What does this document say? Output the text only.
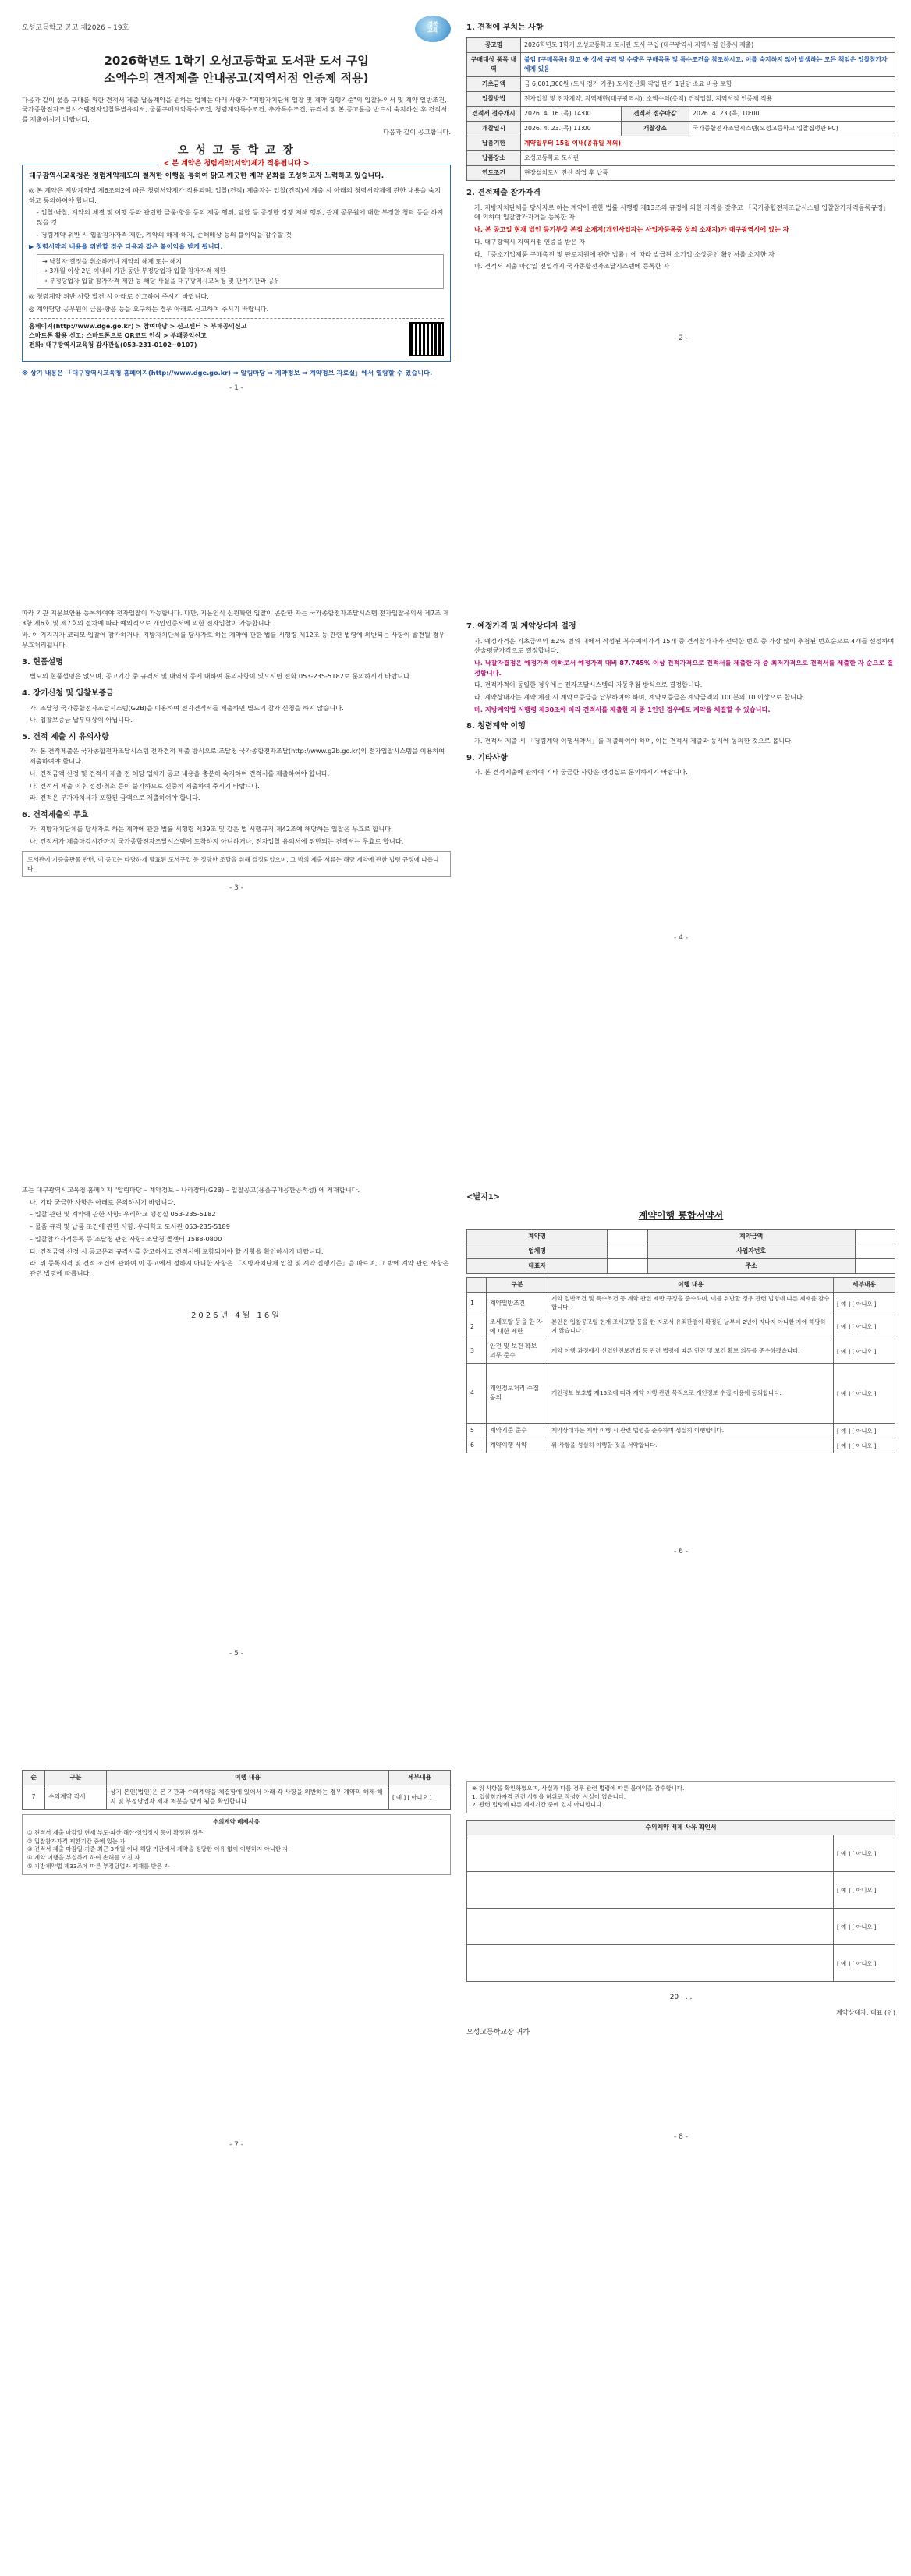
오성고등학교 공고 제2026 – 19호
경북
교육
2026학년도 1학기 오성고등학교 도서관 도서 구입
소액수의 견적제출 안내공고(지역서점 인증제 적용)

다음과 같이 물품 구매를 위한 견적서 제출·납품계약을 원하는 업체는 아래 사항과 "지방자치단체 입찰 및 계약 집행기준"의 입찰유의서 및 계약 일반조건, 국가종합전자조달시스템전자입찰특별유의서, 물품구매계약특수조건, 청렴계약특수조건, 추가특수조건, 규격서 및 본 공고문을 반드시 숙지하신 후 견적서를 제출하시기 바랍니다.

다음과 같이 공고합니다.
오 성 고 등 학 교 장
< 본 계약은 청렴계약(서약)제가 적용됩니다 >
대구광역시교육청은 청렴계약제도의 철저한 이행을 통하여 맑고 깨끗한 계약 문화를 조성하고자 노력하고 있습니다.

◎ 본 계약은 지방계약법 제6조의2에 따른 청렴서약제가 적용되며, 입찰(견적) 제출자는 입찰(견적)서 제출 시 아래의 청렴서약제에 관한 내용을 숙지하고 동의하여야 합니다.

- 입찰·낙찰, 계약의 체결 및 이행 등과 관련한 금품·향응 등의 제공 행위, 담합 등 공정한 경쟁 저해 행위, 관계 공무원에 대한 부정한 청탁 등을 하지 않을 것

- 청렴계약 위반 시 입찰참가자격 제한, 계약의 해제·해지, 손해배상 등의 불이익을 감수할 것

▶ 청렴서약의 내용을 위반할 경우 다음과 같은 불이익을 받게 됩니다.
→ 낙찰자 결정을 취소하거나 계약의 해제 또는 해지
→ 3개월 이상 2년 이내의 기간 동안 부정당업자 입찰 참가자격 제한
→ 부정당업자 입찰 참가자격 제한 등 해당 사실을 대구광역시교육청 및 관계기관과 공유

◎ 청렴계약 위반 사항 발견 시 아래로 신고하여 주시기 바랍니다.

◎ 계약담당 공무원이 금품·향응 등을 요구하는 경우 아래로 신고하여 주시기 바랍니다.

홈페이지(http://www.dge.go.kr) > 참여마당 > 신고센터 > 부패공익신고
스마트폰 활용 신고: 스마트폰으로 QR코드 인식 > 부패공익신고
전화: 대구광역시교육청 감사관실(053-231-0102~0107)

※ 상기 내용은 「대구광역시교육청 홈페이지(http://www.dge.go.kr) ⇒ 알림마당 ⇒ 계약정보 ⇒ 계약정보 자료실」에서 열람할 수 있습니다.

- 1 -

따라 기관 지문보안용 등록하여야 전자입찰이 가능합니다. 다만, 지문인식 신원확인 입찰이 곤란한 자는 국가종합전자조달시스템 전자입찰유의서 제7조 제3항 제6호 및 제7호의 절차에 따라 예외적으로 개인인증서에 의한 전자입찰이 가능합니다.

바. 이 지지지가 코리모 입찰에 참가하거나, 지방자치단체를 당사자로 하는 계약에 관한 법률 시행령 제12조 등 관련 법령에 위반되는 사항이 발견될 경우 무효처리됩니다.

3. 현품설명

별도의 현품설명은 없으며, 공고기간 중 규격서 및 내역서 등에 대하여 문의사항이 있으시면 전화 053-235-5182로 문의하시기 바랍니다.

4. 장기신청 및 입찰보증금

가. 조달청 국가종합전자조달시스템(G2B)을 이용하여 전자견적서를 제출하면 별도의 참가 신청을 하지 않습니다.

나. 입찰보증금 납부대상이 아닙니다.

5. 견적 제출 시 유의사항

가. 본 견적제출은 국가종합전자조달시스템 전자견적 제출 방식으로 조달청 국가종합전자조달(http://www.g2b.go.kr)의 전자입찰시스템을 이용하여 제출하여야 합니다.

나. 견적금액 산정 및 견적서 제출 전 해당 업체가 공고 내용을 충분히 숙지하여 견적서를 제출하여야 합니다.

다. 견적서 제출 이후 정정·취소 등이 불가하므로 신중히 제출하여 주시기 바랍니다.

라. 견적은 부가가치세가 포함된 금액으로 제출하여야 합니다.

6. 견적제출의 무효

가. 지방자치단체를 당사자로 하는 계약에 관한 법률 시행령 제39조 및 같은 법 시행규칙 제42조에 해당하는 입찰은 무효로 합니다.

나. 견적서가 제출마감시간까지 국가종합전자조달시스템에 도착하지 아니하거나, 전자입찰 유의서에 위반되는 견적서는 무효로 합니다.

도서관에 기증출판물 관련, 이 공고는 타당하게 발표된 도서구입 등 정당한 조달을 위해 결정되었으며, 그 밖의 제출 서류는 해당 계약에 관한 법령 규정에 따릅니다.
- 3 -

또는 대구광역시교육청 홈페이지 "알림마당 – 계약정보 – 나라장터(G2B) – 입찰공고(용품구매공환공적성) 에 게재합니다.

나. 기타 궁금한 사항은 아래로 문의하시기 바랍니다.

– 입찰 관련 및 계약에 관한 사항: 우리학교 행정실 053-235-5182

– 물품 규격 및 납품 조건에 관한 사항: 우리학교 도서관 053-235-5189

– 입찰참가자격등록 등 조달청 관련 사항: 조달청 콜센터 1588-0800

다. 견적금액 산정 시 공고문과 규격서를 참고하시고 견적서에 포함되어야 할 사항을 확인하시기 바랍니다.

라. 위 등록자격 및 견적 조건에 관하여 이 공고에서 정하지 아니한 사항은 「지방자치단체 입찰 및 계약 집행기준」을 따르며, 그 밖에 계약 관련 사항은 관련 법령에 따릅니다.

2026년 4월 16일
- 5 -
순	구분	이행 내용	세부내용
7	수의계약 각서	상기 본인(법인)은 본 기관과 수의계약을 체결함에 있어서 아래 각 사항을 위반하는 경우 계약의 해제·해지 및 부정당업자 제재 처분을 받게 됨을 확인합니다.	[ 예 ] [ 아니오 ]
수의계약 배제사유
① 견적서 제출 마감일 현재 부도·파산·해산·영업정지 등이 확정된 경우
② 입찰참가자격 제한기간 중에 있는 자
③ 견적서 제출 마감일 기준 최근 3개월 이내 해당 기관에서 계약을 정당한 이유 없이 이행하지 아니한 자
④ 계약 이행을 부실하게 하여 손해를 끼친 자
⑤ 지방계약법 제33조에 따른 부정당업자 제재를 받은 자
- 7 -
1. 견적에 부치는 사항
공고명	2026학년도 1학기 오성고등학교 도서관 도서 구입 (대구광역시 지역서점 인증서 제출)		
구매대상 품목 내역	붙임 [구매목록] 참고 ※ 상세 규격 및 수량은 구매목록 및 특수조건을 참조하시고, 이를 숙지하지 않아 발생하는 모든 책임은 입찰참가자에게 있음		
기초금액	금 6,001,300원 (도서 정가 기준) 도서전산화 작업 단가 1권당 소요 비용 포함		
입찰방법	전자입찰 및 전자계약, 지역제한(대구광역시), 소액수의(총액) 견적입찰, 지역서점 인증제 적용		
견적서 접수개시	2026. 4. 16.(목) 14:00	견적서 접수마감	2026. 4. 23.(목) 10:00
개찰일시	2026. 4. 23.(목) 11:00	개찰장소	국가종합전자조달시스템(오성고등학교 입찰집행관 PC)
납품기한	계약일부터 15일 이내(공휴일 제외)		
납품장소	오성고등학교 도서관		
연도조건	현장설치도서 전산 작업 후 납품		
2. 견적제출 참가자격

가. 지방자치단체를 당사자로 하는 계약에 관한 법률 시행령 제13조의 규정에 의한 자격을 갖추고 「국가종합전자조달시스템 입찰참가자격등록규정」에 의하여 입찰참가자격을 등록한 자

나. 본 공고일 현재 법인 등기부상 본점 소재지(개인사업자는 사업자등록증 상의 소재지)가 대구광역시에 있는 자

다. 대구광역시 지역서점 인증을 받은 자

라. 「중소기업제품 구매촉진 및 판로지원에 관한 법률」에 따라 발급된 소기업·소상공인 확인서를 소지한 자

마. 견적서 제출 마감일 전일까지 국가종합전자조달시스템에 등록한 자

- 2 -
7. 예정가격 및 계약상대자 결정

가. 예정가격은 기초금액의 ±2% 범위 내에서 작성된 복수예비가격 15개 중 견적참가자가 선택한 번호 중 가장 많이 추첨된 번호순으로 4개를 선정하여 산술평균가격으로 결정합니다.

나. 낙찰자결정은 예정가격 이하로서 예정가격 대비 87.745% 이상 견적가격으로 견적서를 제출한 자 중 최저가격으로 견적서를 제출한 자 순으로 결정합니다.

다. 견적가격이 동일한 경우에는 전자조달시스템의 자동추첨 방식으로 결정합니다.

라. 계약상대자는 계약 체결 시 계약보증금을 납부하여야 하며, 계약보증금은 계약금액의 100분의 10 이상으로 합니다.

마. 지방계약법 시행령 제30조에 따라 견적서를 제출한 자 중 1인인 경우에도 계약을 체결할 수 있습니다.

8. 청렴계약 이행

가. 견적서 제출 시 「청렴계약 이행서약서」를 제출하여야 하며, 이는 견적서 제출과 동시에 동의한 것으로 봅니다.

9. 기타사항

가. 본 견적제출에 관하여 기타 궁금한 사항은 행정실로 문의하시기 바랍니다.

- 4 -
<별지1>
계약이행 통합서약서
계약명		계약금액	
업체명		사업자번호	
대표자		주소	
	구분	이행 내용	세부내용
1	계약일반조건	계약 일반조건 및 특수조건 등 계약 관련 제반 규정을 준수하며, 이를 위반할 경우 관련 법령에 따른 제재를 감수합니다.	[ 예 ] [ 아니오 ]
2	조세포탈 등을 한 자에 대한 제한	본인은 입찰공고일 현재 조세포탈 등을 한 자로서 유죄판결이 확정된 날부터 2년이 지나지 아니한 자에 해당하지 않습니다.	[ 예 ] [ 아니오 ]
3	안전 및 보건 확보 의무 준수	계약 이행 과정에서 산업안전보건법 등 관련 법령에 따른 안전 및 보건 확보 의무를 준수하겠습니다.	[ 예 ] [ 아니오 ]
4	개인정보처리 수집 동의	개인정보 보호법 제15조에 따라 계약 이행 관련 목적으로 개인정보 수집·이용에 동의합니다.	[ 예 ] [ 아니오 ]
5	계약기준 준수	계약상대자는 계약 이행 시 관련 법령을 준수하며 성실히 이행합니다.	[ 예 ] [ 아니오 ]
6	계약이행 서약	위 사항을 성실히 이행할 것을 서약합니다.	[ 예 ] [ 아니오 ]
- 6 -
※ 위 사항을 확인하였으며, 사실과 다를 경우 관련 법령에 따른 불이익을 감수합니다.
1. 입찰참가자격 관련 사항을 허위로 작성한 사실이 없습니다.
2. 관련 법령에 따른 제재기간 중에 있지 아니합니다.
수의계약 배제 사유 확인서	
	[ 예 ] [ 아니오 ]
	[ 예 ] [ 아니오 ]
	[ 예 ] [ 아니오 ]
	[ 예 ] [ 아니오 ]
20 . . .
계약상대자: 대표 (인)
오성고등학교장 귀하
- 8 -
